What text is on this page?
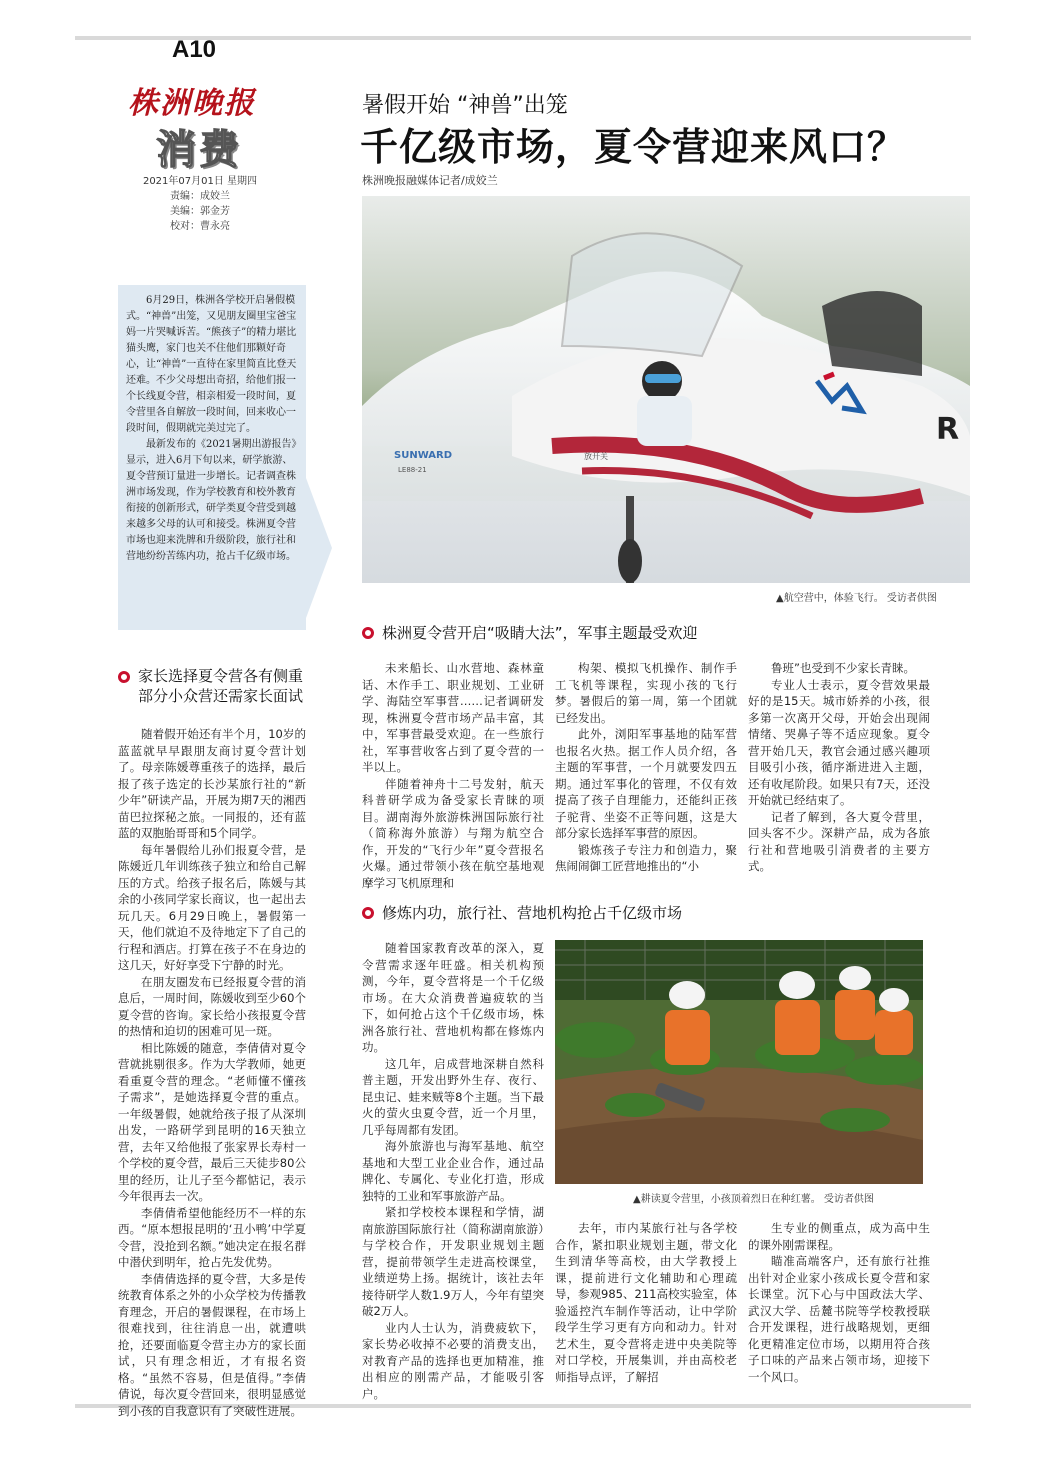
A10
株洲晚报
消费
2021年07月01日 星期四
责编：成姣兰
美编：郭金芳
校对：曹永亮
暑假开始 “神兽”出笼
千亿级市场，夏令营迎来风口？
株洲晚报融媒体记者/成姣兰
SUNWARD
LE88-21
放开关
R
▲航空营中，体验飞行。 受访者供图

6月29日，株洲各学校开启暑假模式。“神兽”出笼，又见朋友圈里宝爸宝妈一片哭喊诉苦。“熊孩子”的精力堪比猫头鹰，家门也关不住他们那颗好奇心，让“神兽”一直待在家里简直比登天还难。不少父母想出奇招，给他们报一个长线夏令营，相亲相爱一段时间，夏令营里各自解放一段时间，回来收心一段时间，假期就完美过完了。

最新发布的《2021暑期出游报告》显示，进入6月下旬以来，研学旅游、夏令营预订量进一步增长。记者调查株洲市场发现，作为学校教育和校外教育衔接的创新形式，研学类夏令营受到越来越多父母的认可和接受。株洲夏令营市场也迎来洗牌和升级阶段，旅行社和营地纷纷苦练内功，抢占千亿级市场。

株洲夏令营开启“吸睛大法”，军事主题最受欢迎
家长选择夏令营各有侧重 部分小众营还需家长面试

随着假开始还有半个月，10岁的蓝蓝就早早跟朋友商讨夏令营计划了。母亲陈媛尊重孩子的选择，最后报了孩子选定的长沙某旅行社的“新少年”研读产品，开展为期7天的湘西苗巴拉探秘之旅。一同报的，还有蓝蓝的双胞胎哥哥和5个同学。

每年暑假给儿孙们报夏令营，是陈媛近几年训练孩子独立和给自己解压的方式。给孩子报名后，陈媛与其余的小孩同学家长商议，也一起出去玩几天。6月29日晚上，暑假第一天，他们就迫不及待地定下了自己的行程和酒店。打算在孩子不在身边的这几天，好好享受下宁静的时光。

在朋友圈发布已经报夏令营的消息后，一周时间，陈媛收到至少60个夏令营的咨询。家长给小孩报夏令营的热情和迫切的困难可见一斑。

相比陈媛的随意，李倩倩对夏令营就挑剔很多。作为大学教师，她更看重夏令营的理念。“老师懂不懂孩子需求”，是她选择夏令营的重点。一年级暑假，她就给孩子报了从深圳出发，一路研学到昆明的16天独立营，去年又给他报了张家界长寿村一个学校的夏令营，最后三天徒步80公里的经历，让儿子至今都惦记，表示今年很再去一次。

李倩倩希望他能经历不一样的东西。“原本想报昆明的‘丑小鸭’中学夏令营，没抢到名额。”她决定在报名群中潜伏到明年，抢占先发优势。

李倩倩选择的夏令营，大多是传统教育体系之外的小众学校为传播教育理念，开启的暑假课程，在市场上很难找到，往往消息一出，就遭哄抢，还要面临夏令营主办方的家长面试，只有理念相近，才有报名资格。“虽然不容易，但是值得。”李倩倩说，每次夏令营回来，很明显感觉到小孩的自我意识有了突破性进展。

未来船长、山水营地、森林童话、木作手工、职业规划、工业研学、海陆空军事营……记者调研发现，株洲夏令营市场产品丰富，其中，军事营最受欢迎。在一些旅行社，军事营收客占到了夏令营的一半以上。

伴随着神舟十二号发射，航天科普研学成为备受家长青睐的项目。湖南海外旅游株洲国际旅行社（简称海外旅游）与翔为航空合作，开发的“飞行少年”夏令营报名火爆。通过带领小孩在航空基地观摩学习飞机原理和

构架、模拟飞机操作、制作手工飞机等课程，实现小孩的飞行梦。暑假后的第一周，第一个团就已经发出。

此外，浏阳军事基地的陆军营也报名火热。据工作人员介绍，各主题的军事营，一个月就要发四五期。通过军事化的管理，不仅有效提高了孩子自理能力，还能纠正孩子驼背、坐姿不正等问题，这是大部分家长选择军事营的原因。

锻炼孩子专注力和创造力，聚焦闹闹御工匠营地推出的“小

鲁班”也受到不少家长青睐。

专业人士表示，夏令营效果最好的是15天。城市娇养的小孩，很多第一次离开父母，开始会出现闹情绪、哭鼻子等不适应现象。夏令营开始几天，教官会通过感兴趣项目吸引小孩，循序渐进进入主题，还有收尾阶段。如果只有7天，还没开始就已经结束了。

记者了解到，各大夏令营里，回头客不少。深耕产品，成为各旅行社和营地吸引消费者的主要方式。

修炼内功，旅行社、营地机构抢占千亿级市场

随着国家教育改革的深入，夏令营需求逐年旺盛。相关机构预测，今年，夏令营将是一个千亿级市场。在大众消费普遍疲软的当下，如何抢占这个千亿级市场，株洲各旅行社、营地机构都在修炼内功。

这几年，启成营地深耕自然科普主题，开发出野外生存、夜行、昆虫记、蛙来贼等8个主题。当下最火的萤火虫夏令营，近一个月里，几乎每周都有发团。

海外旅游也与海军基地、航空基地和大型工业企业合作，通过品牌化、专属化、专业化打造，形成独特的工业和军事旅游产品。

紧扣学校校本课程和学情，湖南旅游国际旅行社（简称湖南旅游）与学校合作，开发职业规划主题营，提前带领学生走进高校课堂，业绩逆势上扬。据统计，该社去年接待研学人数1.9万人，今年有望突破2万人。

业内人士认为，消费疲软下，家长势必收掉不必要的消费支出，对教育产品的选择也更加精准，推出相应的刚需产品，才能吸引客户。

▲耕读夏令营里，小孩顶着烈日在种红薯。 受访者供图

去年，市内某旅行社与各学校合作，紧扣职业规划主题，带文化生到清华等高校，由大学教授上课，提前进行文化辅助和心理疏导，参观985、211高校实验室，体验遥控汽车制作等活动，让中学阶段学生学习更有方向和动力。针对艺术生，夏令营将走进中央美院等对口学校，开展集训，并由高校老师指导点评，了解招

生专业的侧重点，成为高中生的课外刚需课程。

瞄准高端客户，还有旅行社推出针对企业家小孩成长夏令营和家长课堂。沉下心与中国政法大学、武汉大学、岳麓书院等学校教授联合开发课程，进行战略规划，更细化更精准定位市场，以期用符合孩子口味的产品来占领市场，迎接下一个风口。
